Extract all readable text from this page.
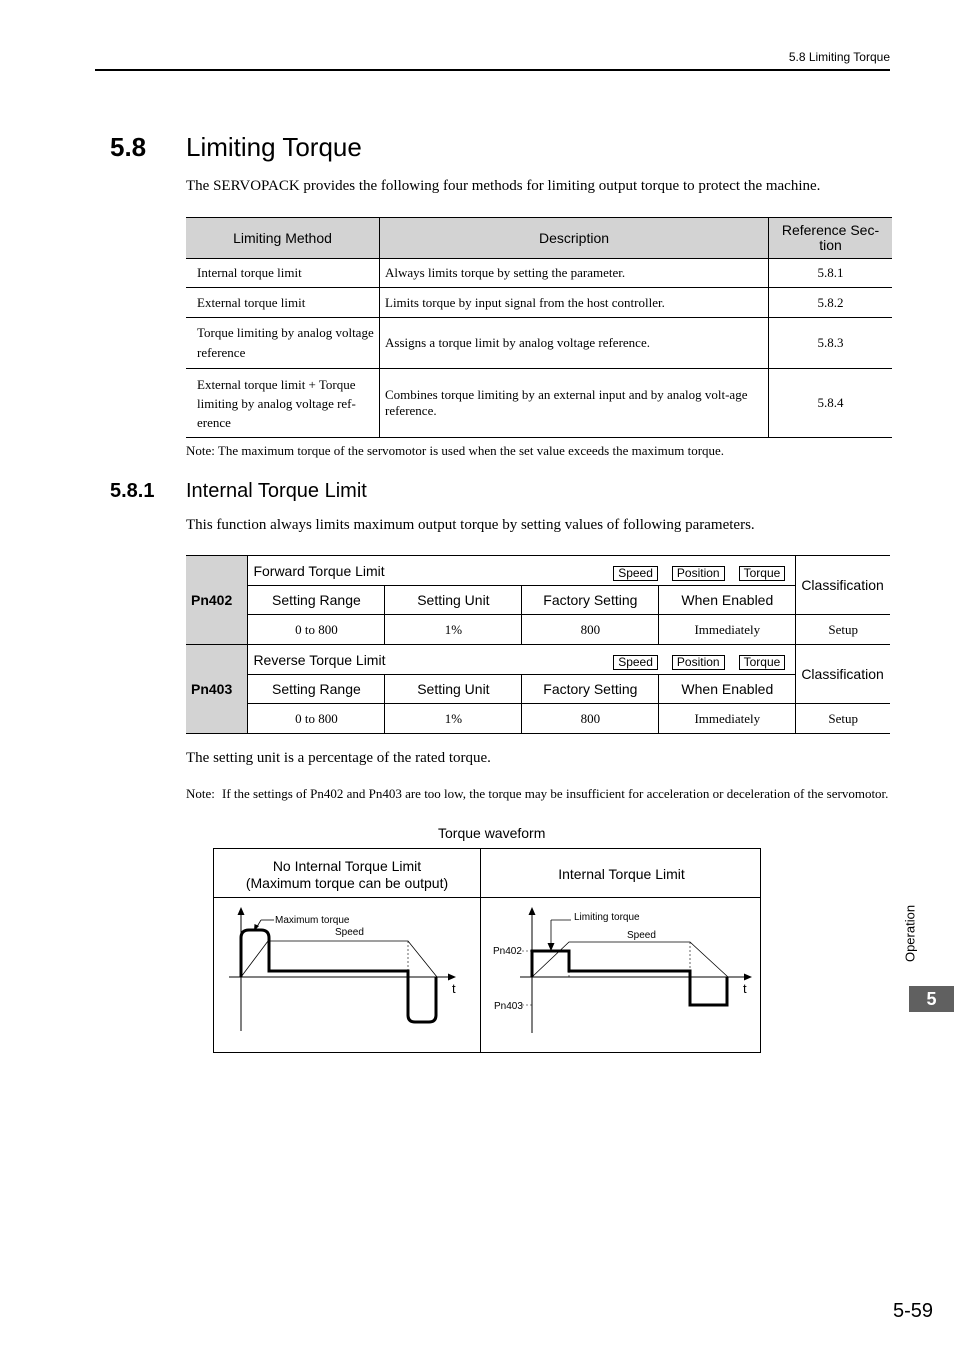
5.8 Limiting Torque
5.8 Limiting Torque
The SERVOPACK provides the following four methods for limiting output torque to protect the machine.
Limiting Method	Description	Reference Sec-
tion
Internal torque limit	Always limits torque by setting the parameter.	5.8.1
External torque limit	Limits torque by input signal from the host controller.	5.8.2
Torque limiting by analog voltage reference	Assigns a torque limit by analog voltage reference.	5.8.3
External torque limit + Torque limiting by analog voltage ref-erence	Combines torque limiting by an external input and by analog volt-age reference.	5.8.4
Note: The maximum torque of the servomotor is used when the set value exceeds the maximum torque.
5.8.1 Internal Torque Limit
This function always limits maximum output torque by setting values of following parameters.
Pn402	Forward Torque Limit Speed Position Torque				Classification
	Setting Range	Setting Unit	Factory Setting	When Enabled	
	0 to 800	1%	800	Immediately	Setup
Pn403	Reverse Torque Limit Speed Position Torque				Classification
	Setting Range	Setting Unit	Factory Setting	When Enabled	
	0 to 800	1%	800	Immediately	Setup
The setting unit is a percentage of the rated torque.
Note: If the settings of Pn402 and Pn403 are too low, the torque may be insufficient for acceleration or deceleration of the servomotor.
Torque waveform
No Internal Torque Limit
(Maximum torque can be output)
Internal Torque Limit
Maximum torque
Speed
t
Limiting torque
Speed
Pn402
Pn403
t
Operation
5
5-59
